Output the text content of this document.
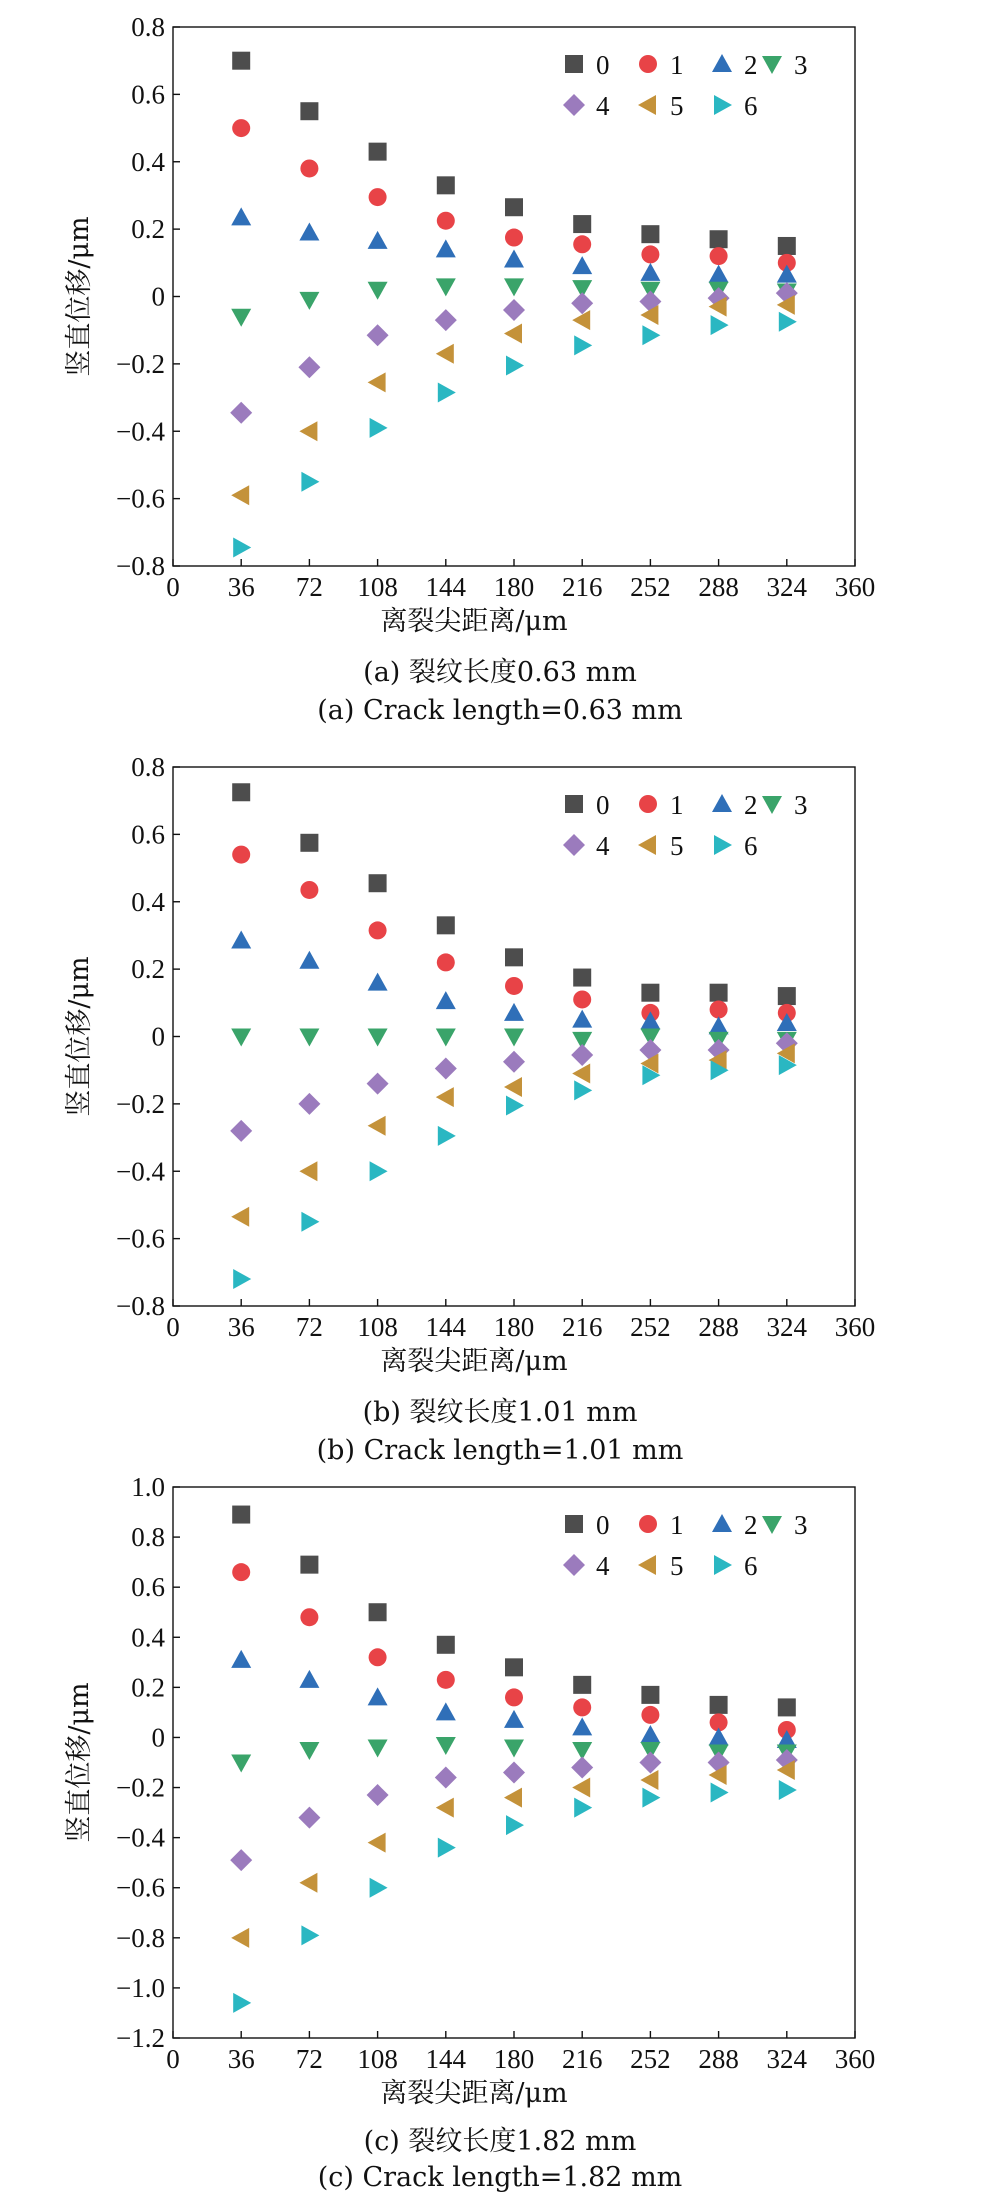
−0.8
−0.6
−0.4
−0.2
0
0.2
0.4
0.6
0.8
0 36 72 108 144 180 216 252 288 324 360
离裂尖距离/μm
竖直位移/μm
0 1 2 3
4 5 6
(a) 裂纹长度0.63 mm
(a) Crack length=0.63 mm
−0.8
−0.6
−0.4
−0.2
0
0.2
0.4
0.6
0.8
0 36 72 108 144 180 216 252 288 324 360
离裂尖距离/μm
竖直位移/μm
0 1 2 3
4 5 6
(b) 裂纹长度1.01 mm
(b) Crack length=1.01 mm
−1.2
−1.0
−0.8
−0.6
−0.4
−0.2
0
0.2
0.4
0.6
0.8
1.0
0 36 72 108 144 180 216 252 288 324 360
离裂尖距离/μm
竖直位移/μm
0 1 2 3
4 5 6
(c) 裂纹长度1.82 mm
(c) Crack length=1.82 mm
